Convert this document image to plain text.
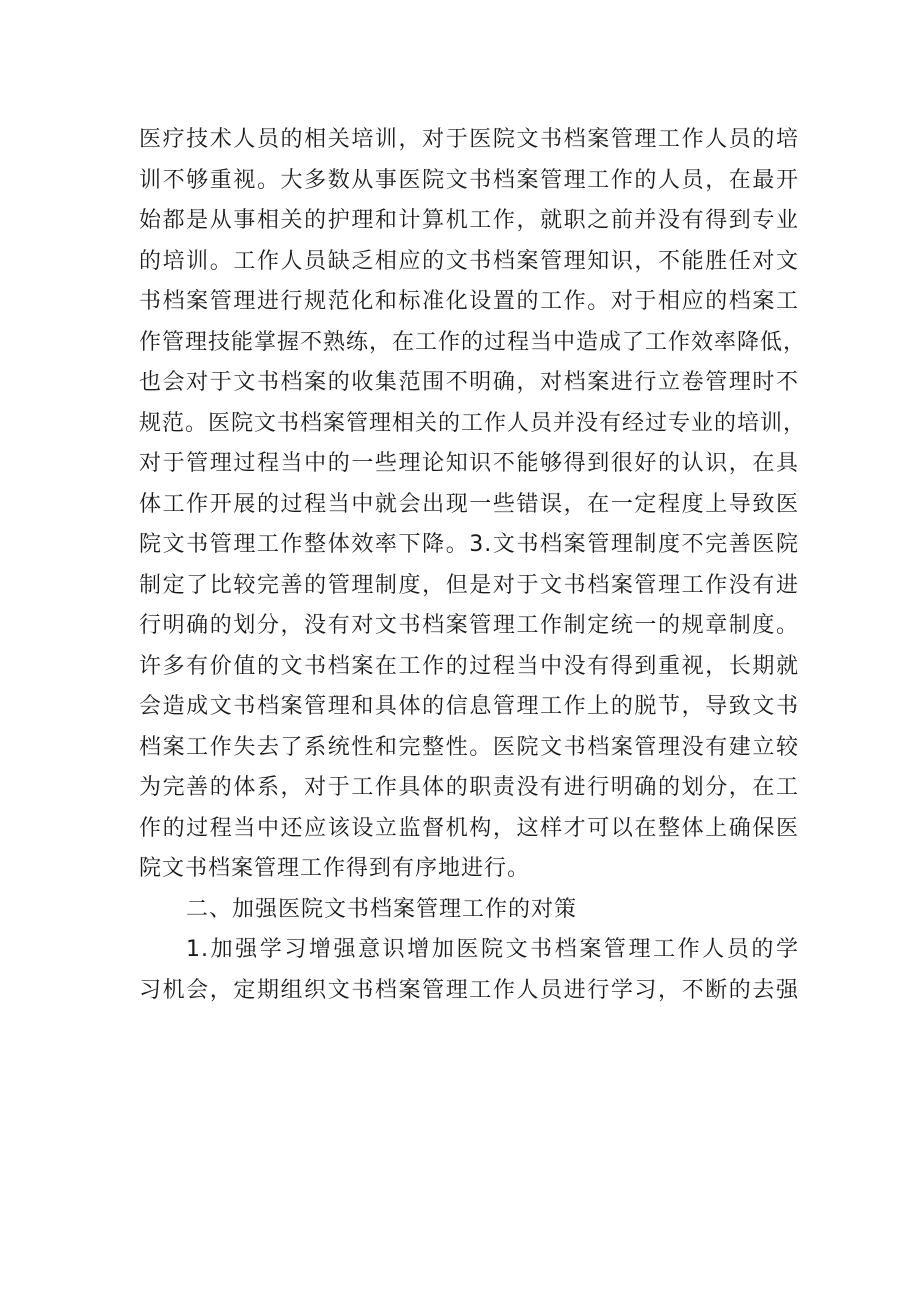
医疗技术人员的相关培训，对于医院文书档案管理工作人员的培
训不够重视。大多数从事医院文书档案管理工作的人员，在最开
始都是从事相关的护理和计算机工作，就职之前并没有得到专业
的培训。工作人员缺乏相应的文书档案管理知识，不能胜任对文
书档案管理进行规范化和标准化设置的工作。对于相应的档案工
作管理技能掌握不熟练，在工作的过程当中造成了工作效率降低，
也会对于文书档案的收集范围不明确，对档案进行立卷管理时不
规范。医院文书档案管理相关的工作人员并没有经过专业的培训，
对于管理过程当中的一些理论知识不能够得到很好的认识，在具
体工作开展的过程当中就会出现一些错误，在一定程度上导致医
院文书管理工作整体效率下降。3.文书档案管理制度不完善医院
制定了比较完善的管理制度，但是对于文书档案管理工作没有进
行明确的划分，没有对文书档案管理工作制定统一的规章制度。
许多有价值的文书档案在工作的过程当中没有得到重视，长期就
会造成文书档案管理和具体的信息管理工作上的脱节，导致文书
档案工作失去了系统性和完整性。医院文书档案管理没有建立较
为完善的体系，对于工作具体的职责没有进行明确的划分，在工
作的过程当中还应该设立监督机构，这样才可以在整体上确保医
院文书档案管理工作得到有序地进行。
二、加强医院文书档案管理工作的对策
1.加强学习增强意识增加医院文书档案管理工作人员的学
习机会，定期组织文书档案管理工作人员进行学习，不断的去强
